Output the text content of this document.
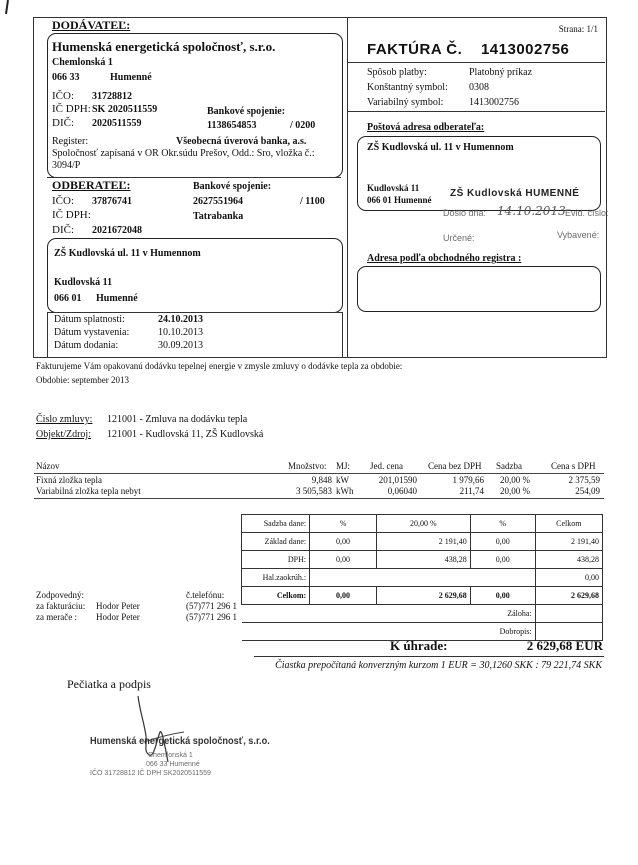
DODÁVATEĽ:	Strana: 1/1
Humenská energetická spoločnosť, s.r.o.
Chemlonská 1
066 33	Humenné
IČO: 31728812
IČ DPH: SK 2020511559	Bankové spojenie:
DIČ: 2020511559	1138654853	/ 0200
Register:	Všeobecná úverová banka, a.s.
Spoločnosť zapísaná v OR Okr.súdu Prešov, Odd.: Sro, vložka č.: 3094/P
FAKTÚRA Č. 1413002756
Spôsob platby:	Platobný príkaz
Konštantný symbol: 0308
Variabilný symbol:	1413002756
Poštová adresa odberateľa:
ZŠ Kudlovská ul. 11 v Humennom
Kudlovská 11
066 01 Humenné
ZŠ Kudlovská HUMENNÉ
Došlo dňa: 14.10.2013 Evid. číslo:
Určené:	Vybavené:
Adresa podľa obchodného registra :
ODBERATEĽ:	Bankové spojenie:
IČO: 37876741	2627551964	/ 1100
IČ DPH:	Tatrabanka
DIČ: 2021672048
ZŠ Kudlovská ul. 11 v Humennom
Kudlovská 11
066 01 Humenné
Dátum splatnosti:	24.10.2013
Dátum vystavenia:	10.10.2013
Dátum dodania:	30.09.2013
Fakturujeme Vám opakovanú dodávku tepelnej energie v zmysle zmluvy o dodávke tepla za obdobie:
Obdobie: september 2013
Číslo zmluvy: 121001 - Zmluva na dodávku tepla
Objekt/Zdroj: 121001 - Kudlovská 11, ZŠ Kudlovská
Názov	Množstvo: MJ: Jed. cena	Cena bez DPH Sadzba	Cena s DPH
Fixná zložka tepla	9,848 kW	201,01590	1 979,66 20,00 %	2 375,59
Variabilná zložka tepla nebyt	3 505,583 kWh	0,06040	211,74 20,00 %	254,09
Sadzba dane:	%	20,00 %	%	Celkom
Základ dane:	0,00	2 191,40	0,00	2 191,40
DPH:	0,00	438,28	0,00	438,28
Hal.zaokrúh.:				0,00
Celkom:	0,00	2 629,68	0,00	2 629,68
Záloha:				
Dobropis:				
Zodpovedný:	č.telefónu:
za fakturáciu: Hodor Peter	(57)771 296 1
za merače : Hodor Peter	(57)771 296 1
K úhrade:	2 629,68 EUR
Čiastka prepočítaná konverzným kurzom 1 EUR = 30,1260 SKK : 79 221,74 SKK
Pečiatka a podpis
Humenská energetická spoločnosť, s.r.o.
Chemlonská 1
066 33 Humenné
IČO 31728812 IČ DPH SK2020511559
